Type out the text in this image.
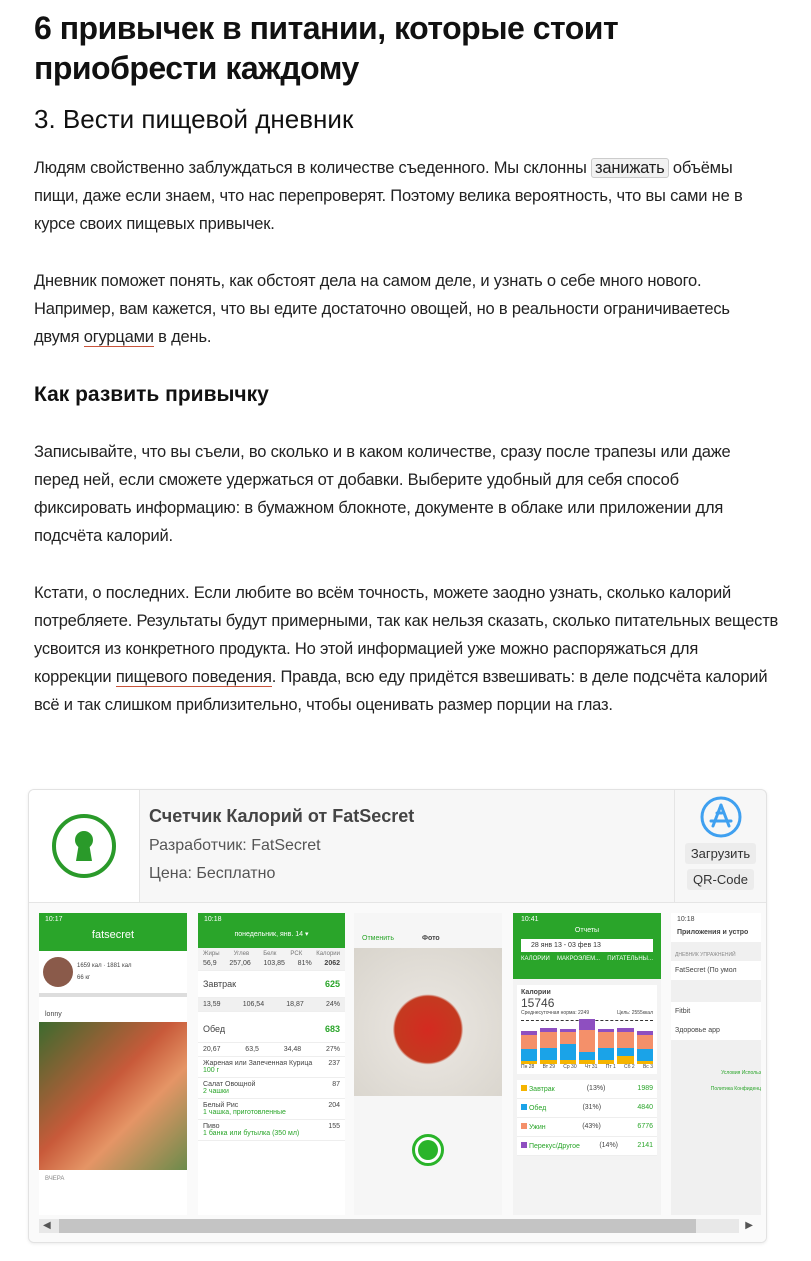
6 привычек в питании, которые стоит приобрести каждому
3. Вести пищевой дневник

Людям свойственно заблуждаться в количестве съеденного. Мы склонны занижать объёмы пищи, даже если знаем, что нас перепроверят. Поэтому велика вероятность, что вы сами не в курсе своих пищевых привычек.

Дневник поможет понять, как обстоят дела на самом деле, и узнать о себе много нового. Например, вам кажется, что вы едите достаточно овощей, но в реальности ограничиваетесь двумя огурцами в день.

Как развить привычку

Записывайте, что вы съели, во сколько и в каком количестве, сразу после трапезы или даже перед ней, если сможете удержаться от добавки. Выберите удобный для себя способ фиксировать информацию: в бумажном блокноте, документе в облаке или приложении для подсчёта калорий.

Кстати, о последних. Если любите во всём точность, можете заодно узнать, сколько калорий потребляете. Результаты будут примерными, так как нельзя сказать, сколько питательных веществ усвоится из конкретного продукта. Но этой информацией уже можно распоряжаться для коррекции пищевого поведения. Правда, всю еду придётся взвешивать: в деле подсчёта калорий всё и так слишком приблизительно, чтобы оценивать размер порции на глаз.

Счетчик Калорий от FatSecret
Разработчик: FatSecret
Цена: Бесплатно
Загрузить
QR-Code
10:17
fatsecret
1659 кал · 1881 кал
66 кг
lonny
ВЧЕРА
10:18
понедельник, янв. 14 ▾
Жиры Углев Белк РСК Калории
56,9 257,06 103,85 81% 2062
Завтрак	625
13,59	106,54	18,87	24%
Обед	683
20,67	63,5	34,48	27%
Жареная или Запеченная Курица
100 г
237
Салат Овощной
2 чашки
87
Белый Рис
1 чашка, приготовленные
204
Пиво
1 банка или бутылка (350 мл)
155
Отменить	Фото
10:41
Отчеты
28 янв 13 - 03 фев 13
КАЛОРИИ МАКРОЭЛЕМ... ПИТАТЕЛЬНЫ...
Калории
15746
Среднесуточная норма: 2249	Цель: 2555ккал
Пн 28 Вт 29 Ср 30 Чт 31 Пт 1 Сб 2 Вс 3
Завтрак	(13%)	1989
Обед	(31%)	4840
Ужин	(43%)	6776
Перекус/Другое	(14%)	2141
10:18
Приложения и устро
ДНЕВНИК УПРАЖНЕНИЙ
FatSecret (По умол
Fitbit
Здоровье app
Условия Использ
Политика Конфиденц
◀	▶
